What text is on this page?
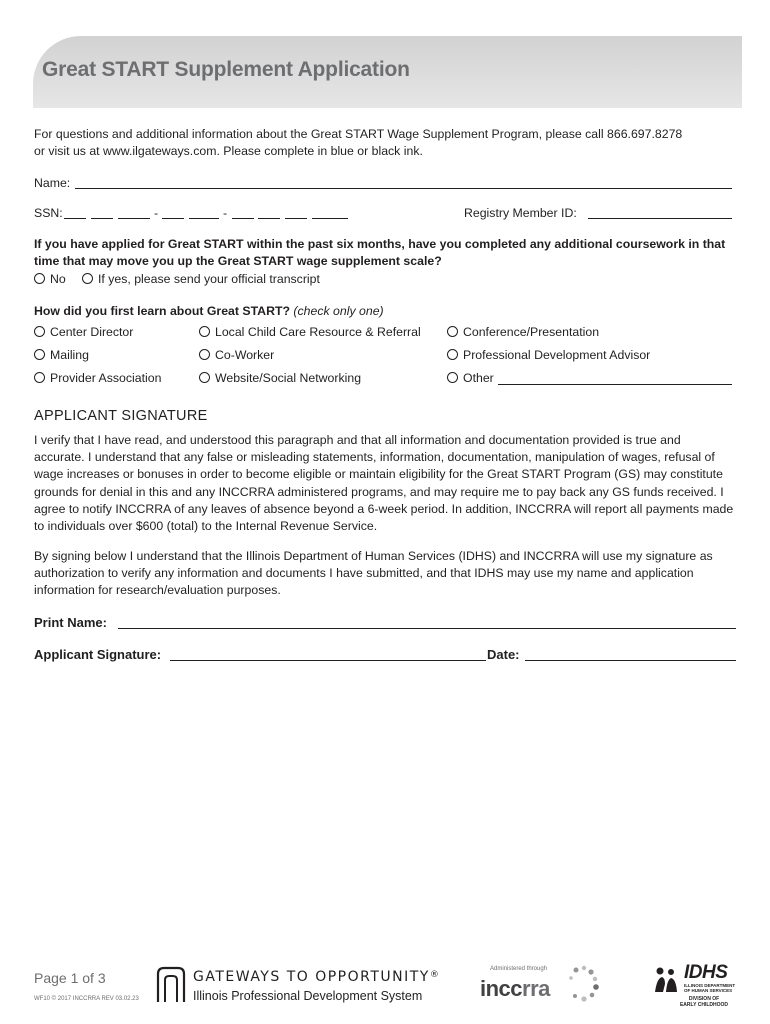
Great START Supplement Application
For questions and additional information about the Great START Wage Supplement Program, please call 866.697.8278
or visit us at www.ilgateways.com. Please complete in blue or black ink.
Name:
SSN:	-	-	Registry Member ID:
If you have applied for Great START within the past six months, have you completed any additional coursework in that
time that may move you up the Great START wage supplement scale?
No	If yes, please send your official transcript
How did you first learn about Great START? (check only one)
Center Director	Local Child Care Resource & Referral	Conference/Presentation
Mailing	Co-Worker	Professional Development Advisor
Provider Association	Website/Social Networking	Other
APPLICANT SIGNATURE
I verify that I have read, and understood this paragraph and that all information and documentation provided is true and
accurate. I understand that any false or misleading statements, information, documentation, manipulation of wages, refusal of
wage increases or bonuses in order to become eligible or maintain eligibility for the Great START Program (GS) may constitute
grounds for denial in this and any INCCRRA administered programs, and may require me to pay back any GS funds received. I
agree to notify INCCRRA of any leaves of absence beyond a 6-week period. In addition, INCCRRA will report all payments made
to individuals over $600 (total) to the Internal Revenue Service.
By signing below I understand that the Illinois Department of Human Services (IDHS) and INCCRRA will use my signature as
authorization to verify any information and documents I have submitted, and that IDHS may use my name and application
information for research/evaluation purposes.
Print Name:
Applicant Signature:	Date:
Page 1 of 3
WF10 © 2017 INCCRRA REV 03.02.23
GATEWAYS TO OPPORTUNITY®
Illinois Professional Development System
Administered through
inccrra
IDHS
ILLINOIS DEPARTMENT
OF HUMAN SERVICES
DIVISION OF
EARLY CHILDHOOD
